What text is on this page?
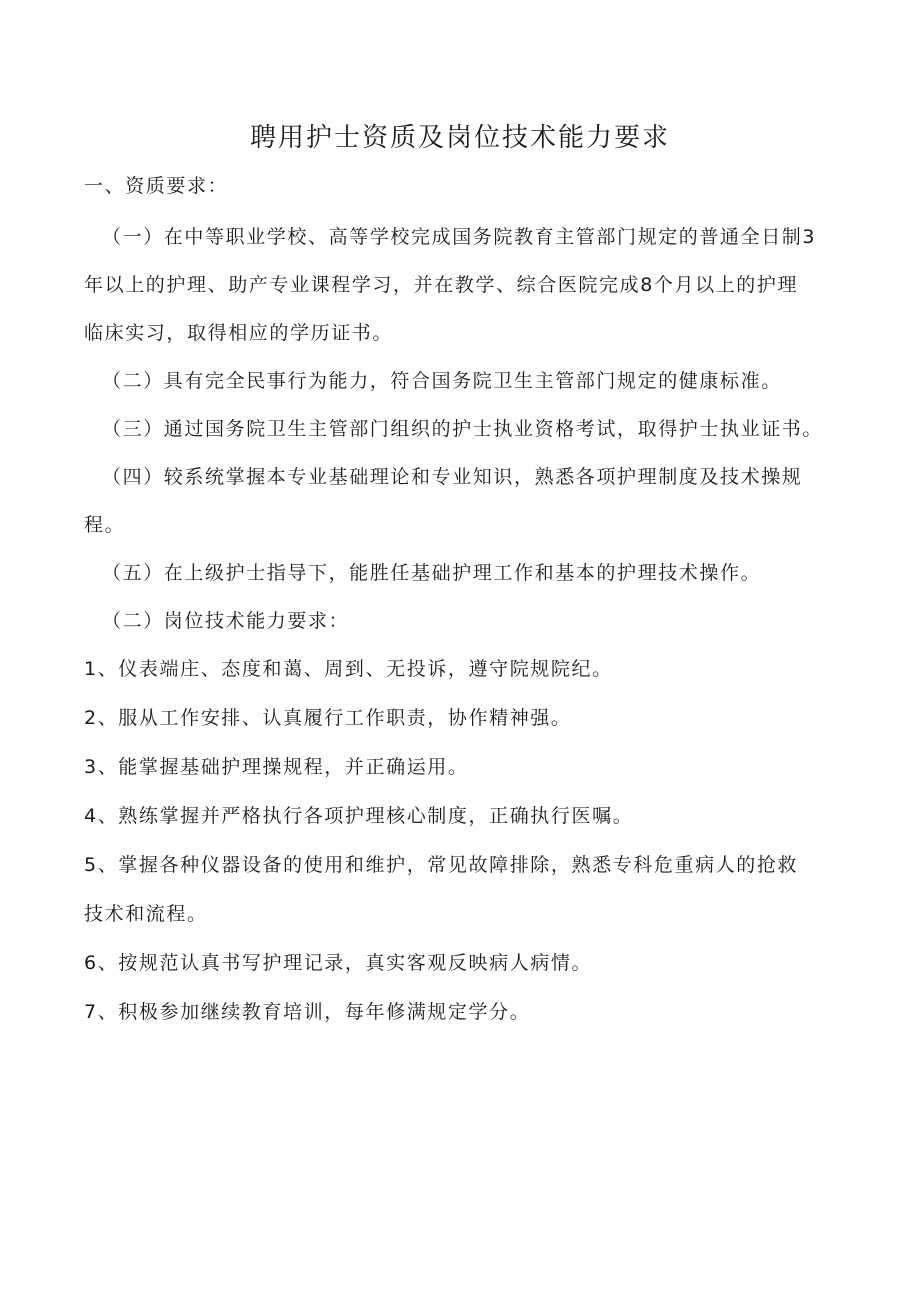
聘用护士资质及岗位技术能力要求
一、资质要求：
（一）在中等职业学校、高等学校完成国务院教育主管部门规定的普通全日制3
年以上的护理、助产专业课程学习，并在教学、综合医院完成8个月以上的护理
临床实习，取得相应的学历证书。
（二）具有完全民事行为能力，符合国务院卫生主管部门规定的健康标准。
（三）通过国务院卫生主管部门组织的护士执业资格考试，取得护士执业证书。
（四）较系统掌握本专业基础理论和专业知识，熟悉各项护理制度及技术操规
程。
（五）在上级护士指导下，能胜任基础护理工作和基本的护理技术操作。
（二）岗位技术能力要求：
1、仪表端庄、态度和蔼、周到、无投诉，遵守院规院纪。
2、服从工作安排、认真履行工作职责，协作精神强。
3、能掌握基础护理操规程，并正确运用。
4、熟练掌握并严格执行各项护理核心制度，正确执行医嘱。
5、掌握各种仪器设备的使用和维护，常见故障排除，熟悉专科危重病人的抢救
技术和流程。
6、按规范认真书写护理记录，真实客观反映病人病情。
7、积极参加继续教育培训，每年修满规定学分。
